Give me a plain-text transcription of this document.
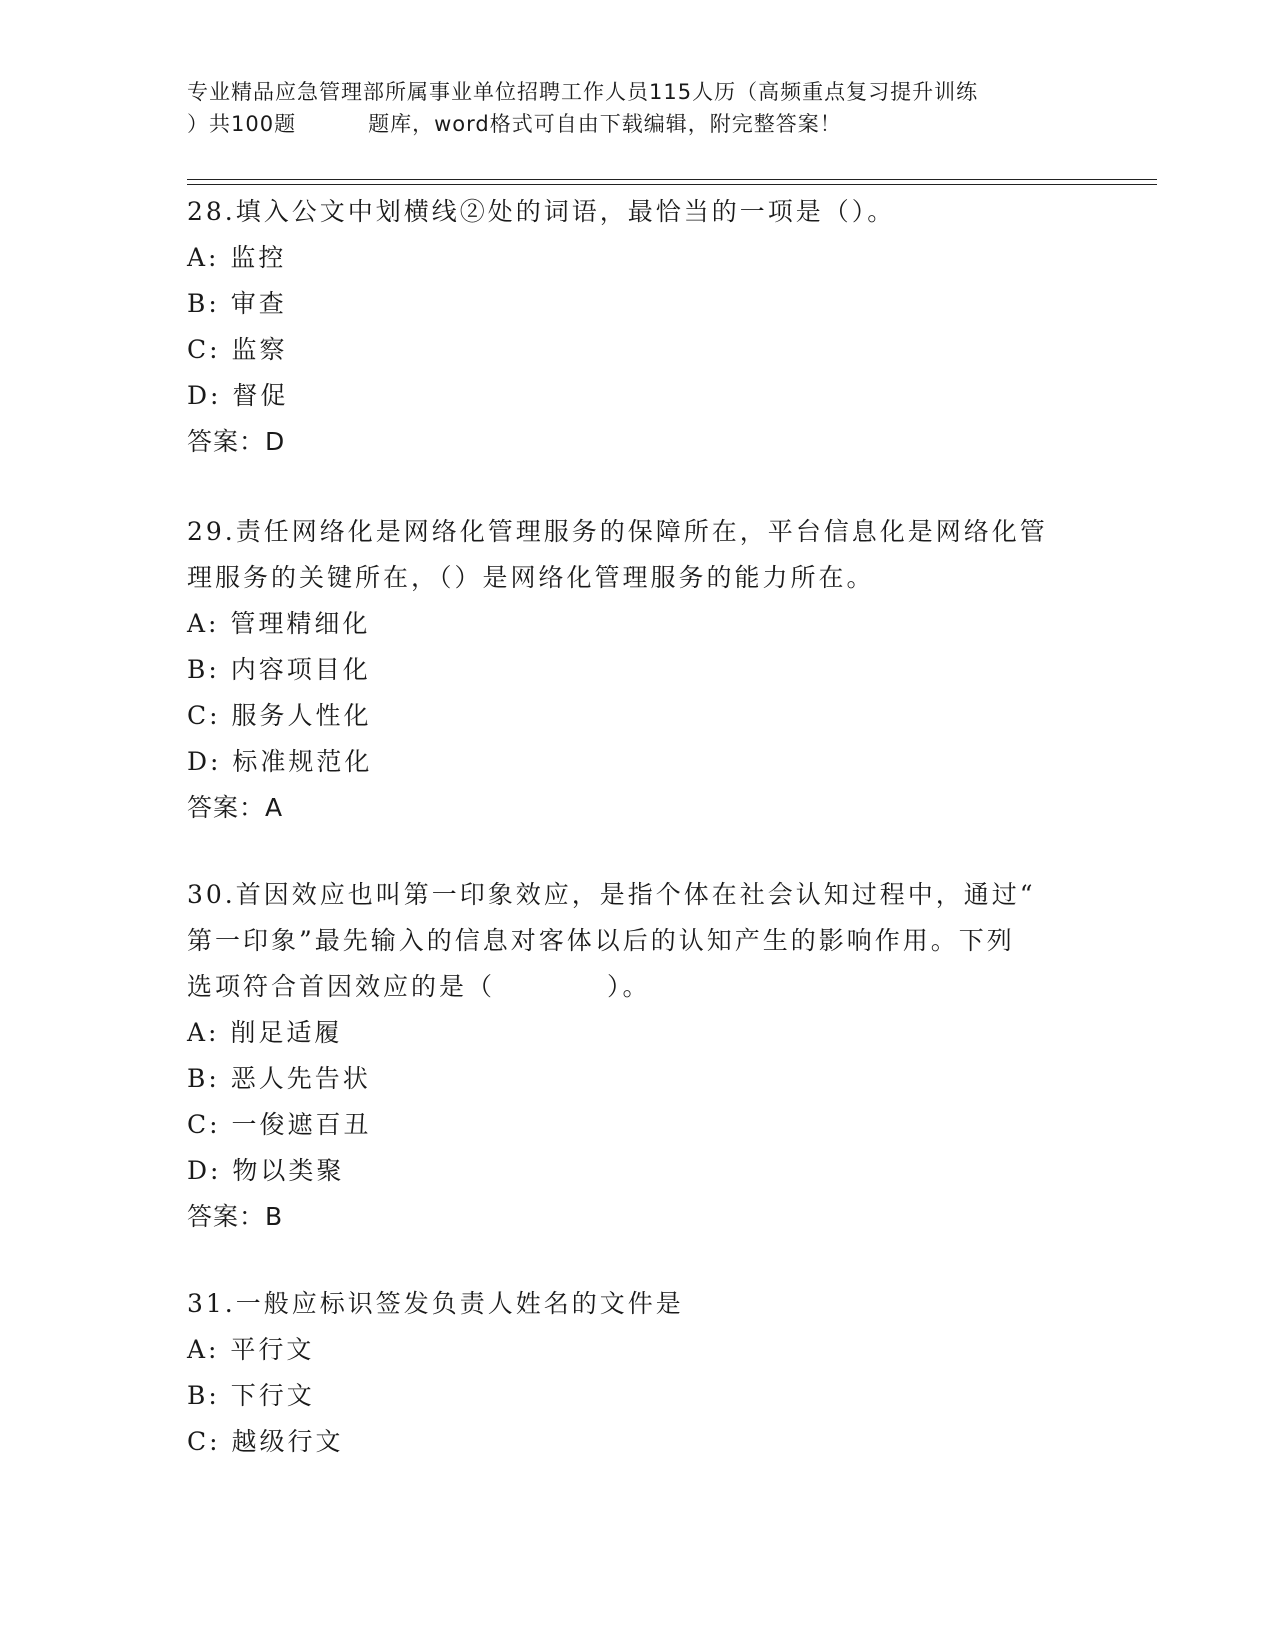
专业精品应急管理部所属事业单位招聘工作人员115人历（高频重点复习提升训练
）共100题	题库，word格式可自由下载编辑，附完整答案！

28.填入公文中划横线②处的词语，最恰当的一项是（）。

A: 监控

B: 审查

C: 监察

D: 督促

答案：D

29.责任网络化是网络化管理服务的保障所在，平台信息化是网络化管

理服务的关键所在，（）是网络化管理服务的能力所在。

A: 管理精细化

B: 内容项目化

C: 服务人性化

D: 标准规范化

答案：A

30.首因效应也叫第一印象效应，是指个体在社会认知过程中，通过“

第一印象”最先输入的信息对客体以后的认知产生的影响作用。下列

选项符合首因效应的是（　　　　）。

A: 削足适履

B: 恶人先告状

C: 一俊遮百丑

D: 物以类聚

答案：B

31.一般应标识签发负责人姓名的文件是

A: 平行文

B: 下行文

C: 越级行文
